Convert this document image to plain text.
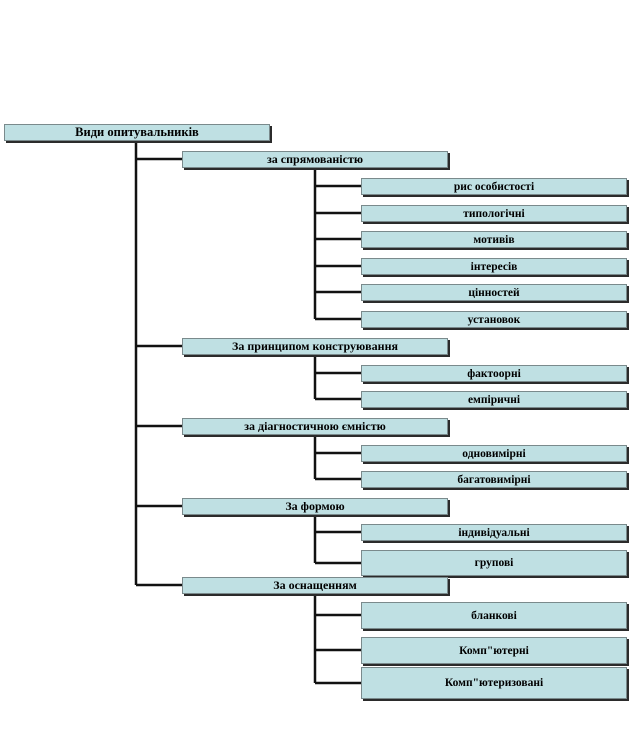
Види опитувальників
за спрямованістю
рис особистості
типологічні
мотивів
інтересів
цінностей
установок
За принципом конструювання
фактоорні
емпіричні
за діагностичною ємністю
одновимірні
багатовимірні
За формою
індивідуальні
групові
За оснащенням
бланкові
Комп"ютерні
Комп"ютеризовані
